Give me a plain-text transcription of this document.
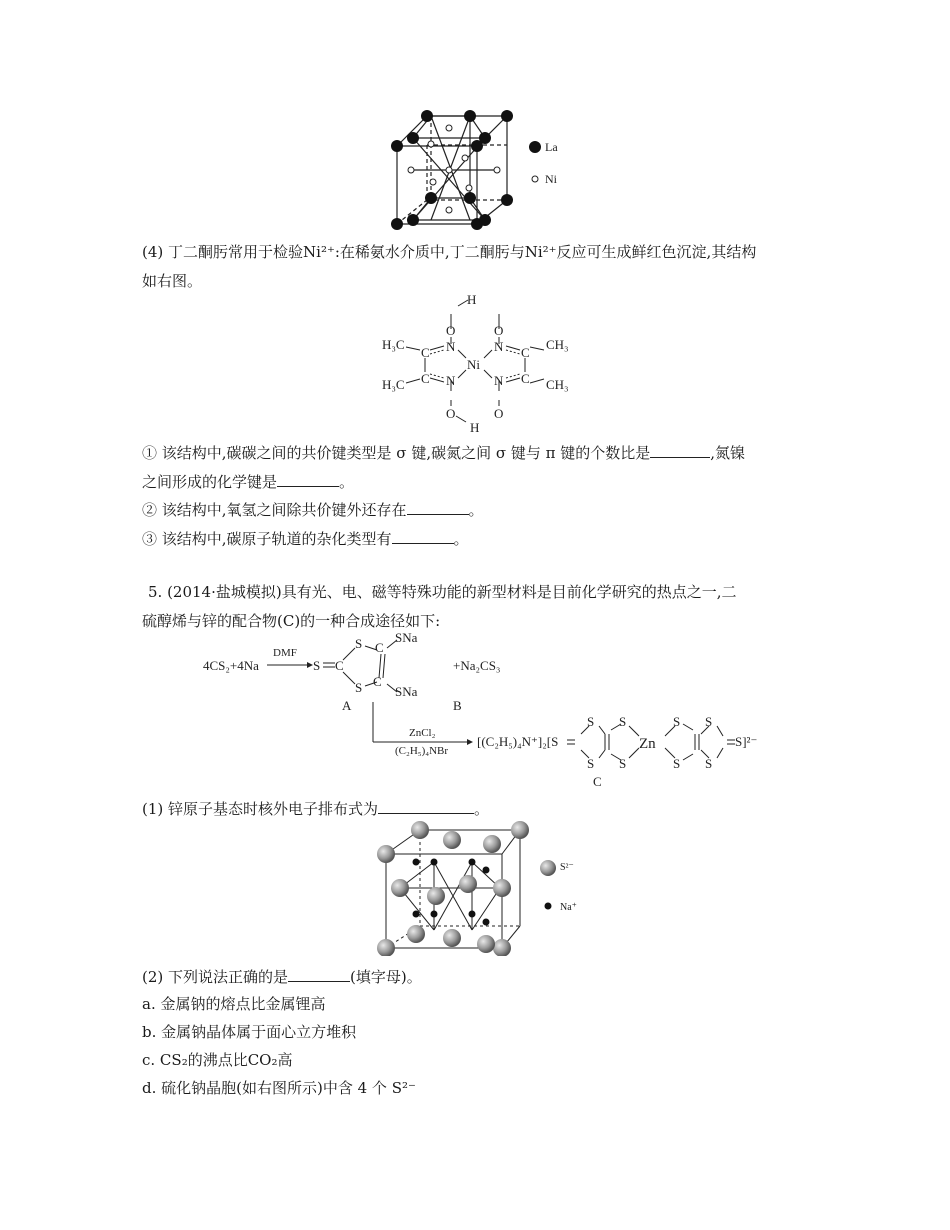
La
Ni
(4) 丁二酮肟常用于检验Ni²⁺:在稀氨水介质中,丁二酮肟与Ni²⁺反应可生成鲜红色沉淀,其结构
如右图。
H
O	O
N	N
C	C
H₃C	CH₃
Ni
C	C
H₃C	CH₃
N	N
O	O
H
① 该结构中,碳碳之间的共价键类型是 σ 键,碳氮之间 σ 键与 π 键的个数比是	,氮镍
之间形成的化学键是	。
② 该结构中,氧氢之间除共价键外还存在	。
③ 该结构中,碳原子轨道的杂化类型有	。
5. (2014·盐城模拟)具有光、电、磁等特殊功能的新型材料是目前化学研究的热点之一,二
硫醇烯与锌的配合物(C)的一种合成途径如下:
4CS₂+4Na
DMF
S C
S
S
C
C
SNa
SNa
+Na₂CS₃
A	B
ZnCl₂
(C₂H₅)₄NBr
[(C₂H₅)₄N⁺]₂[S
S
S
S
S
Zn
S
S
S
S
S]²⁻
C
(1) 锌原子基态时核外电子排布式为	。
S²⁻
Na⁺
(2) 下列说法正确的是	(填字母)。
a. 金属钠的熔点比金属锂高
b. 金属钠晶体属于面心立方堆积
c. CS₂的沸点比CO₂高
d. 硫化钠晶胞(如右图所示)中含 4 个 S²⁻
